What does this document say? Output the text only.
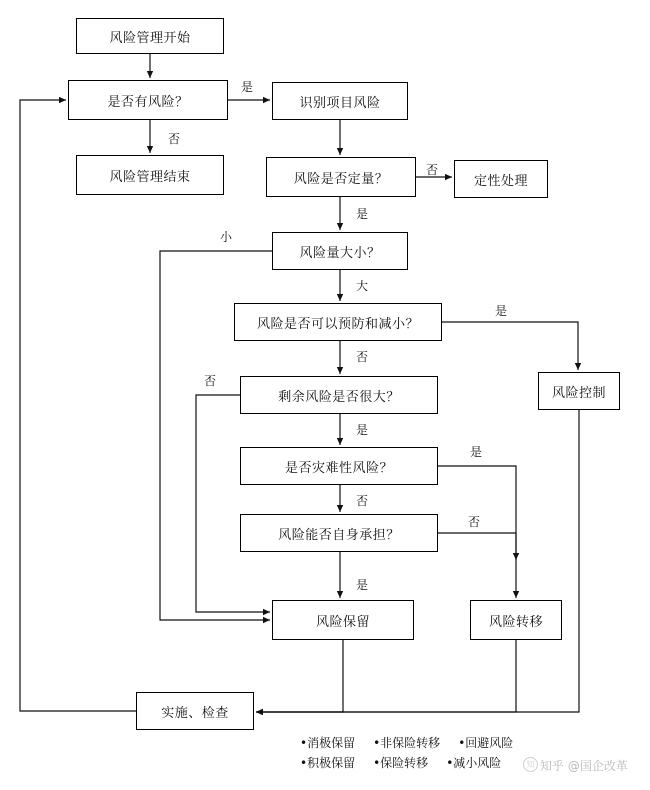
风险管理开始
是否有风险？	识别项目风险
风险管理结束	风险是否定量？	定性处理
风险量大小？
风险是否可以预防和减小？
剩余风险是否很大？	风险控制
是否灾难性风险？
风险能否自身承担？
风险保留	风险转移
实施、检查
是
否
否
是
小
大
是
否
否
是
是
否
否
是
•消极保留 •非保险转移 •回避风险
•积极保留 •保险转移 •减小风险	知 知乎 @国企改革
